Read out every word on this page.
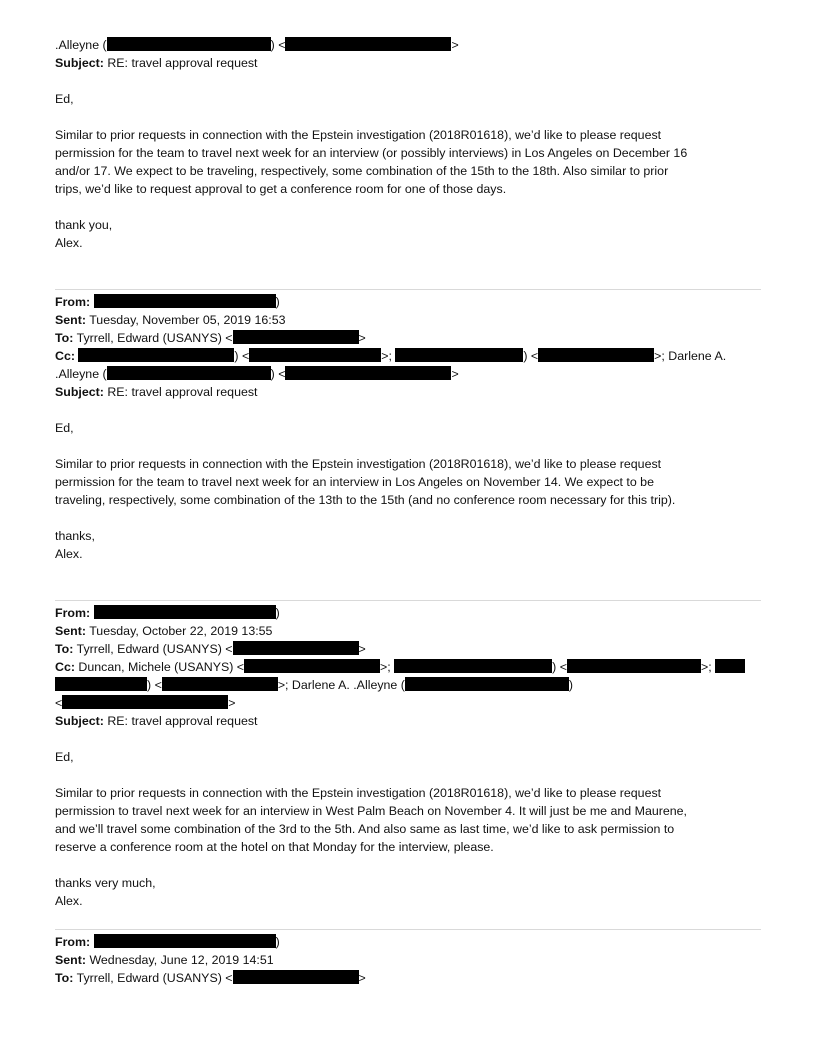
.Alleyne (	) <	>
Subject: RE: travel approval request
Ed,
Similar to prior requests in connection with the Epstein investigation (2018R01618), we’d like to please request
permission for the team to travel next week for an interview (or possibly interviews) in Los Angeles on December 16
and/or 17. We expect to be traveling, respectively, some combination of the 15th to the 18th. Also similar to prior
trips, we’d like to request approval to get a conference room for one of those days.
thank you,
Alex.
From:	)
Sent: Tuesday, November 05, 2019 16:53
To: Tyrrell, Edward (USANYS) <	>
Cc:	) <	>;	) <	>; Darlene A.
.Alleyne (	) <	>
Subject: RE: travel approval request
Ed,
Similar to prior requests in connection with the Epstein investigation (2018R01618), we’d like to please request
permission for the team to travel next week for an interview in Los Angeles on November 14. We expect to be
traveling, respectively, some combination of the 13th to the 15th (and no conference room necessary for this trip).
thanks,
Alex.
From:	)
Sent: Tuesday, October 22, 2019 13:55
To: Tyrrell, Edward (USANYS) <	>
Cc: Duncan, Michele (USANYS) <	>;	) <	>;
) <	>; Darlene A. .Alleyne (	)
<	>
Subject: RE: travel approval request
Ed,
Similar to prior requests in connection with the Epstein investigation (2018R01618), we’d like to please request
permission to travel next week for an interview in West Palm Beach on November 4. It will just be me and Maurene,
and we’ll travel some combination of the 3rd to the 5th. And also same as last time, we’d like to ask permission to
reserve a conference room at the hotel on that Monday for the interview, please.
thanks very much,
Alex.
From:	)
Sent: Wednesday, June 12, 2019 14:51
To: Tyrrell, Edward (USANYS) <	>
